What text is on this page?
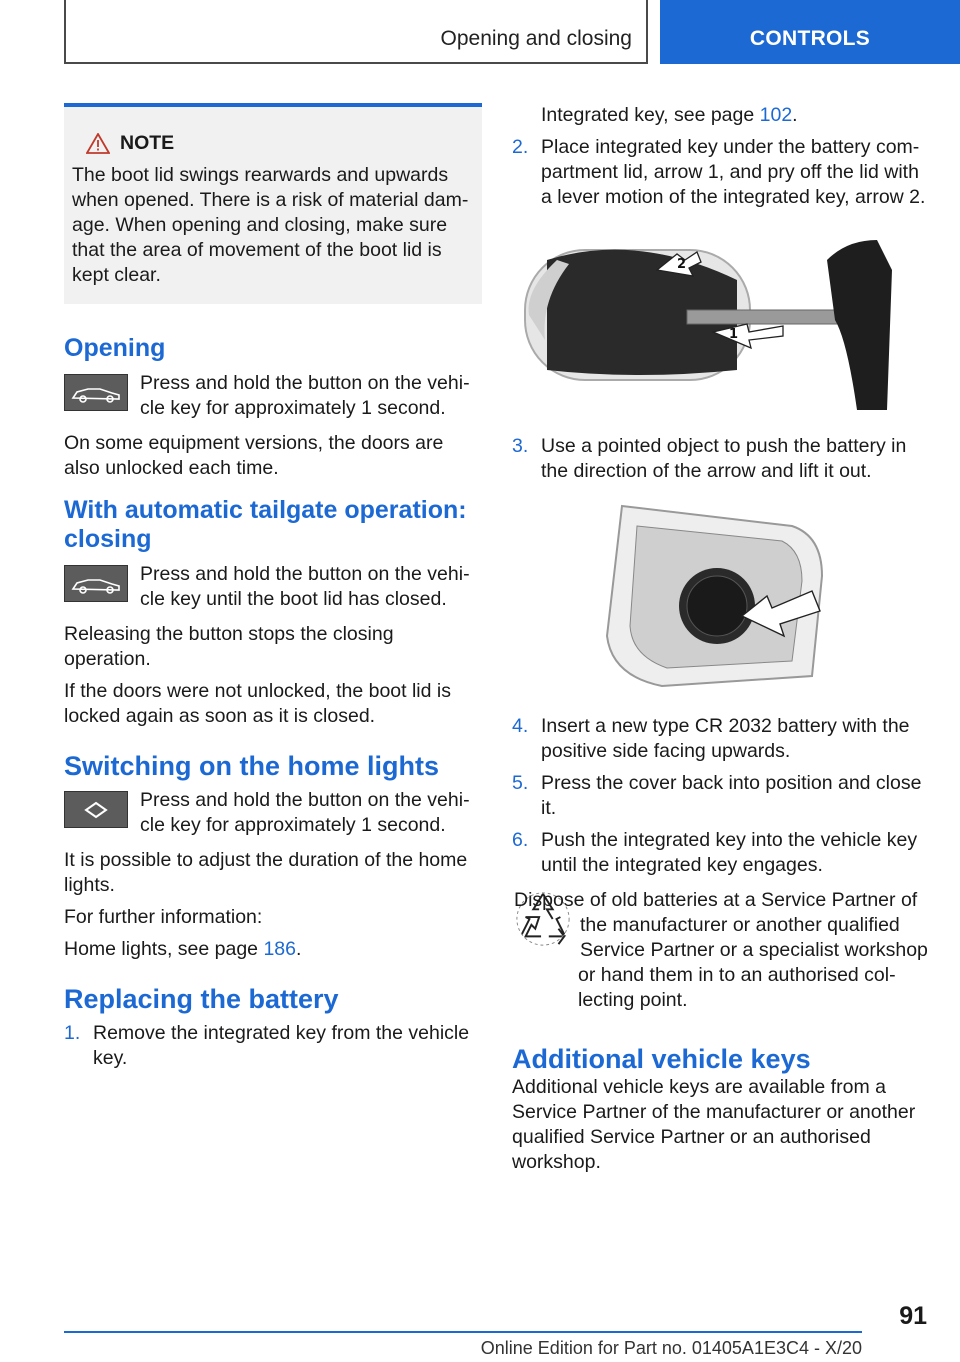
Opening and closing	CONTROLS
NOTE
The boot lid swings rearwards and upwards when opened. There is a risk of material damage. When opening and closing, make sure that the area of movement of the boot lid is kept clear.
Opening
Press and hold the button on the vehicle key for approximately 1 second.

On some equipment versions, the doors are also unlocked each time.

With automatic tailgate operation: closing
Press and hold the button on the vehicle key until the boot lid has closed.

Releasing the button stops the closing operation.

If the doors were not unlocked, the boot lid is locked again as soon as it is closed.

Switching on the home lights
Press and hold the button on the vehicle key for approximately 1 second.

It is possible to adjust the duration of the home lights.

For further information:

Home lights, see page 186.

Replacing the battery
1. Remove the integrated key from the vehicle key.
Integrated key, see page 102.
2. Place integrated key under the battery compartment lid, arrow 1, and pry off the lid with a lever motion of the integrated key, arrow 2.
1
2
3. Use a pointed object to push the battery in the direction of the arrow and lift it out.
4. Insert a new type CR 2032 battery with the positive side facing upwards.
5. Press the cover back into position and close it.
6. Push the integrated key into the vehicle key until the integrated key engages.
Dispose of old batteries at a Service Partner of the manufacturer or another qualified Service Partner or a specialist workshop or hand them in to an authorised collecting point.
Additional vehicle keys

Additional vehicle keys are available from a Service Partner of the manufacturer or another qualified Service Partner or an authorised workshop.

91
Online Edition for Part no. 01405A1E3C4 - X/20
